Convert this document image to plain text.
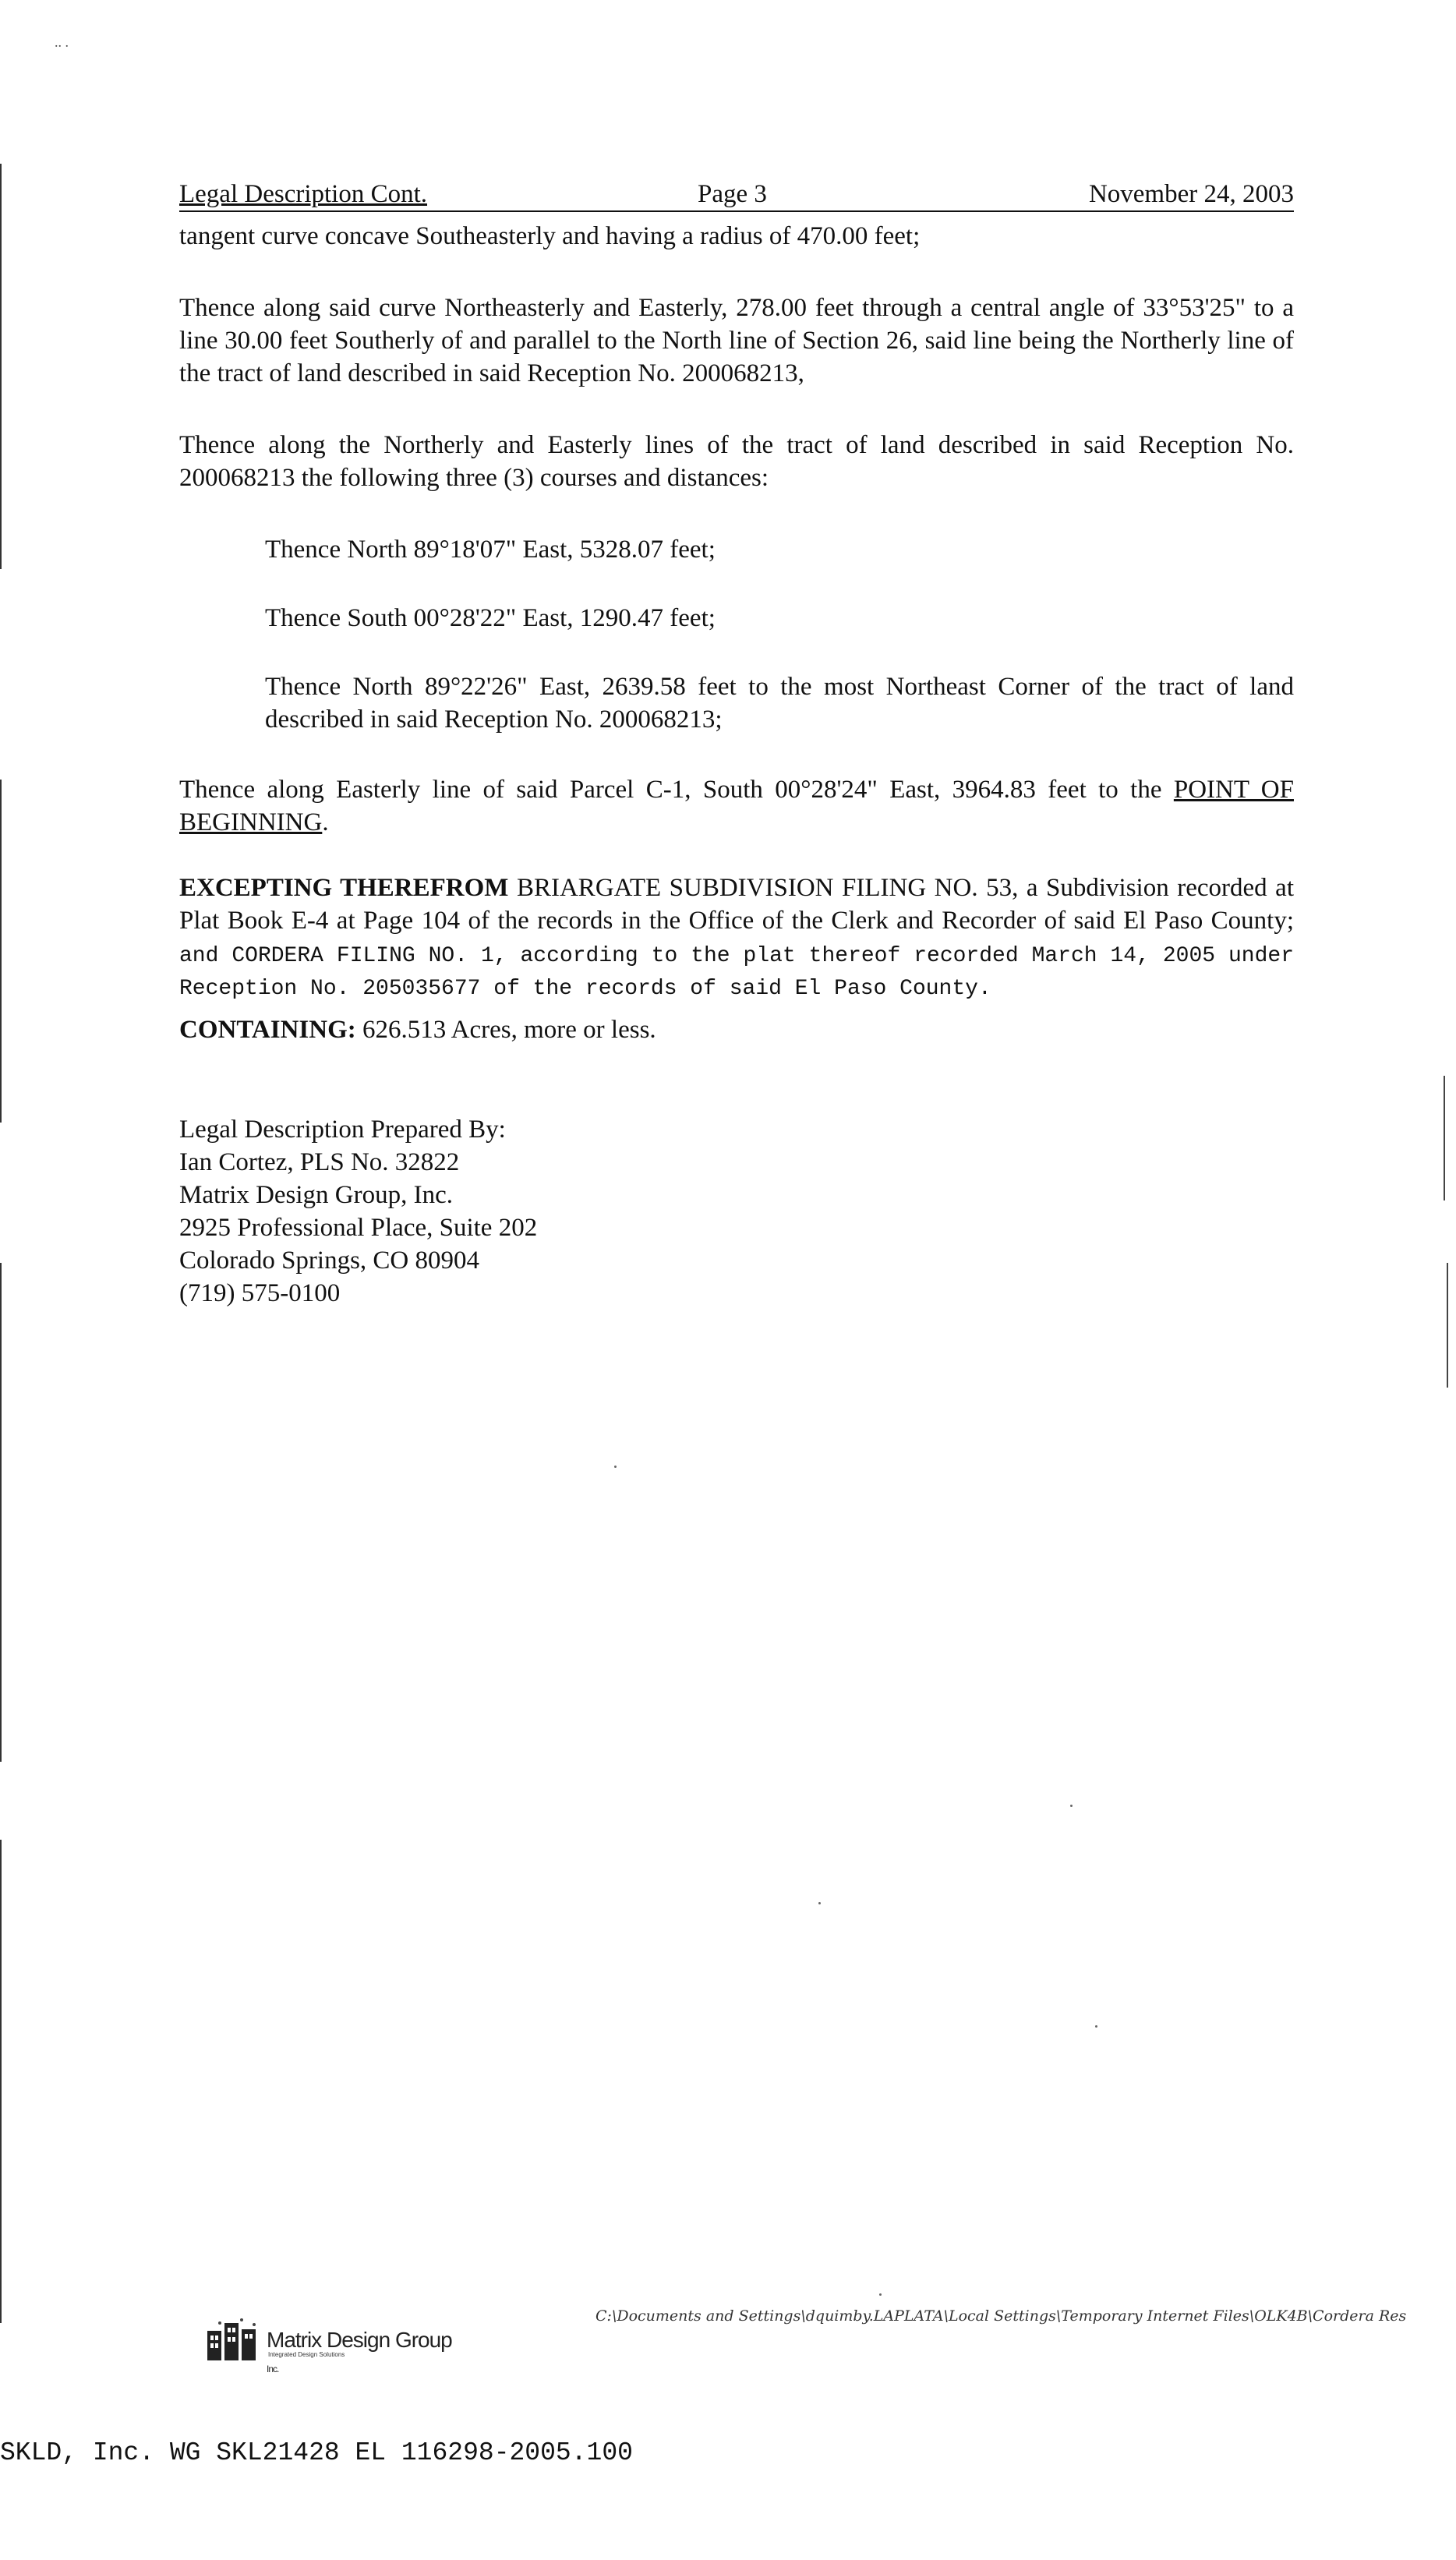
.. .
Legal Description Cont.	Page 3	November 24, 2003
tangent curve concave Southeasterly and having a radius of 470.00 feet;
Thence along said curve Northeasterly and Easterly, 278.00 feet through a central angle of 33°53'25" to a line 30.00 feet Southerly of and parallel to the North line of Section 26, said line being the Northerly line of the tract of land described in said Reception No. 200068213,
Thence along the Northerly and Easterly lines of the tract of land described in said Reception No. 200068213 the following three (3) courses and distances:
Thence North 89°18'07" East, 5328.07 feet;
Thence South 00°28'22" East, 1290.47 feet;
Thence North 89°22'26" East, 2639.58 feet to the most Northeast Corner of the tract of land described in said Reception No. 200068213;
Thence along Easterly line of said Parcel C-1, South 00°28'24" East, 3964.83 feet to the POINT OF BEGINNING.
EXCEPTING THEREFROM BRIARGATE SUBDIVISION FILING NO. 53, a Subdivision recorded at Plat Book E-4 at Page 104 of the records in the Office of the Clerk and Recorder of said El Paso County; and CORDERA FILING NO. 1, according to the plat thereof recorded March 14, 2005 under Reception No. 205035677 of the records of said El Paso County.
CONTAINING: 626.513 Acres, more or less.
Legal Description Prepared By:
Ian Cortez, PLS No. 32822
Matrix Design Group, Inc.
2925 Professional Place, Suite 202
Colorado Springs, CO 80904
(719) 575-0100
Matrix Design Group Inc.
Integrated Design Solutions
C:\Documents and Settings\dquimby.LAPLATA\Local Settings\Temporary Internet Files\OLK4B\Cordera Res
SKLD, Inc. WG SKL21428 EL 116298-2005.100
